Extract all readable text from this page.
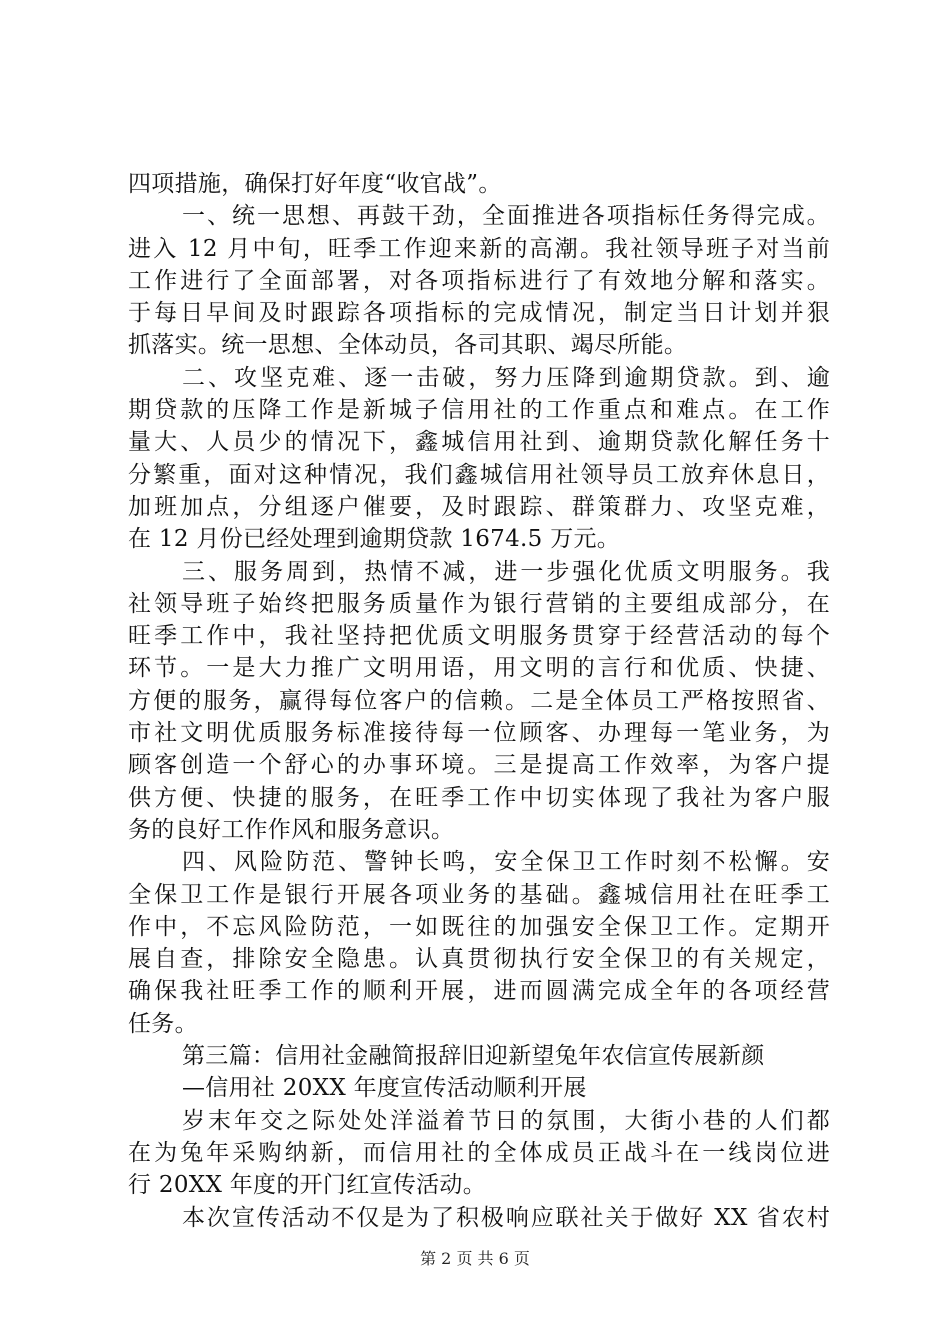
四项措施，确保打好年度“收官战”。
一、统一思想、再鼓干劲，全面推进各项指标任务得完成。
进入 12 月中旬，旺季工作迎来新的高潮。我社领导班子对当前
工作进行了全面部署，对各项指标进行了有效地分解和落实。
于每日早间及时跟踪各项指标的完成情况，制定当日计划并狠
抓落实。统一思想、全体动员，各司其职、竭尽所能。
二、攻坚克难、逐一击破，努力压降到逾期贷款。到、逾
期贷款的压降工作是新城子信用社的工作重点和难点。在工作
量大、人员少的情况下，鑫城信用社到、逾期贷款化解任务十
分繁重，面对这种情况，我们鑫城信用社领导员工放弃休息日，
加班加点，分组逐户催要，及时跟踪、群策群力、攻坚克难，
在 12 月份已经处理到逾期贷款 1674.5 万元。
三、服务周到，热情不减，进一步强化优质文明服务。我
社领导班子始终把服务质量作为银行营销的主要组成部分，在
旺季工作中，我社坚持把优质文明服务贯穿于经营活动的每个
环节。一是大力推广文明用语，用文明的言行和优质、快捷、
方便的服务，赢得每位客户的信赖。二是全体员工严格按照省、
市社文明优质服务标准接待每一位顾客、办理每一笔业务，为
顾客创造一个舒心的办事环境。三是提高工作效率，为客户提
供方便、快捷的服务，在旺季工作中切实体现了我社为客户服
务的良好工作作风和服务意识。
四、风险防范、警钟长鸣，安全保卫工作时刻不松懈。安
全保卫工作是银行开展各项业务的基础。鑫城信用社在旺季工
作中，不忘风险防范，一如既往的加强安全保卫工作。定期开
展自查，排除安全隐患。认真贯彻执行安全保卫的有关规定，
确保我社旺季工作的顺利开展，进而圆满完成全年的各项经营
任务。
第三篇：信用社金融简报辞旧迎新望兔年农信宣传展新颜
—信用社 20XX 年度宣传活动顺利开展
岁末年交之际处处洋溢着节日的氛围，大街小巷的人们都
在为兔年采购纳新，而信用社的全体成员正战斗在一线岗位进
行 20XX 年度的开门红宣传活动。
本次宣传活动不仅是为了积极响应联社关于做好 XX 省农村
第 2 页 共 6 页
